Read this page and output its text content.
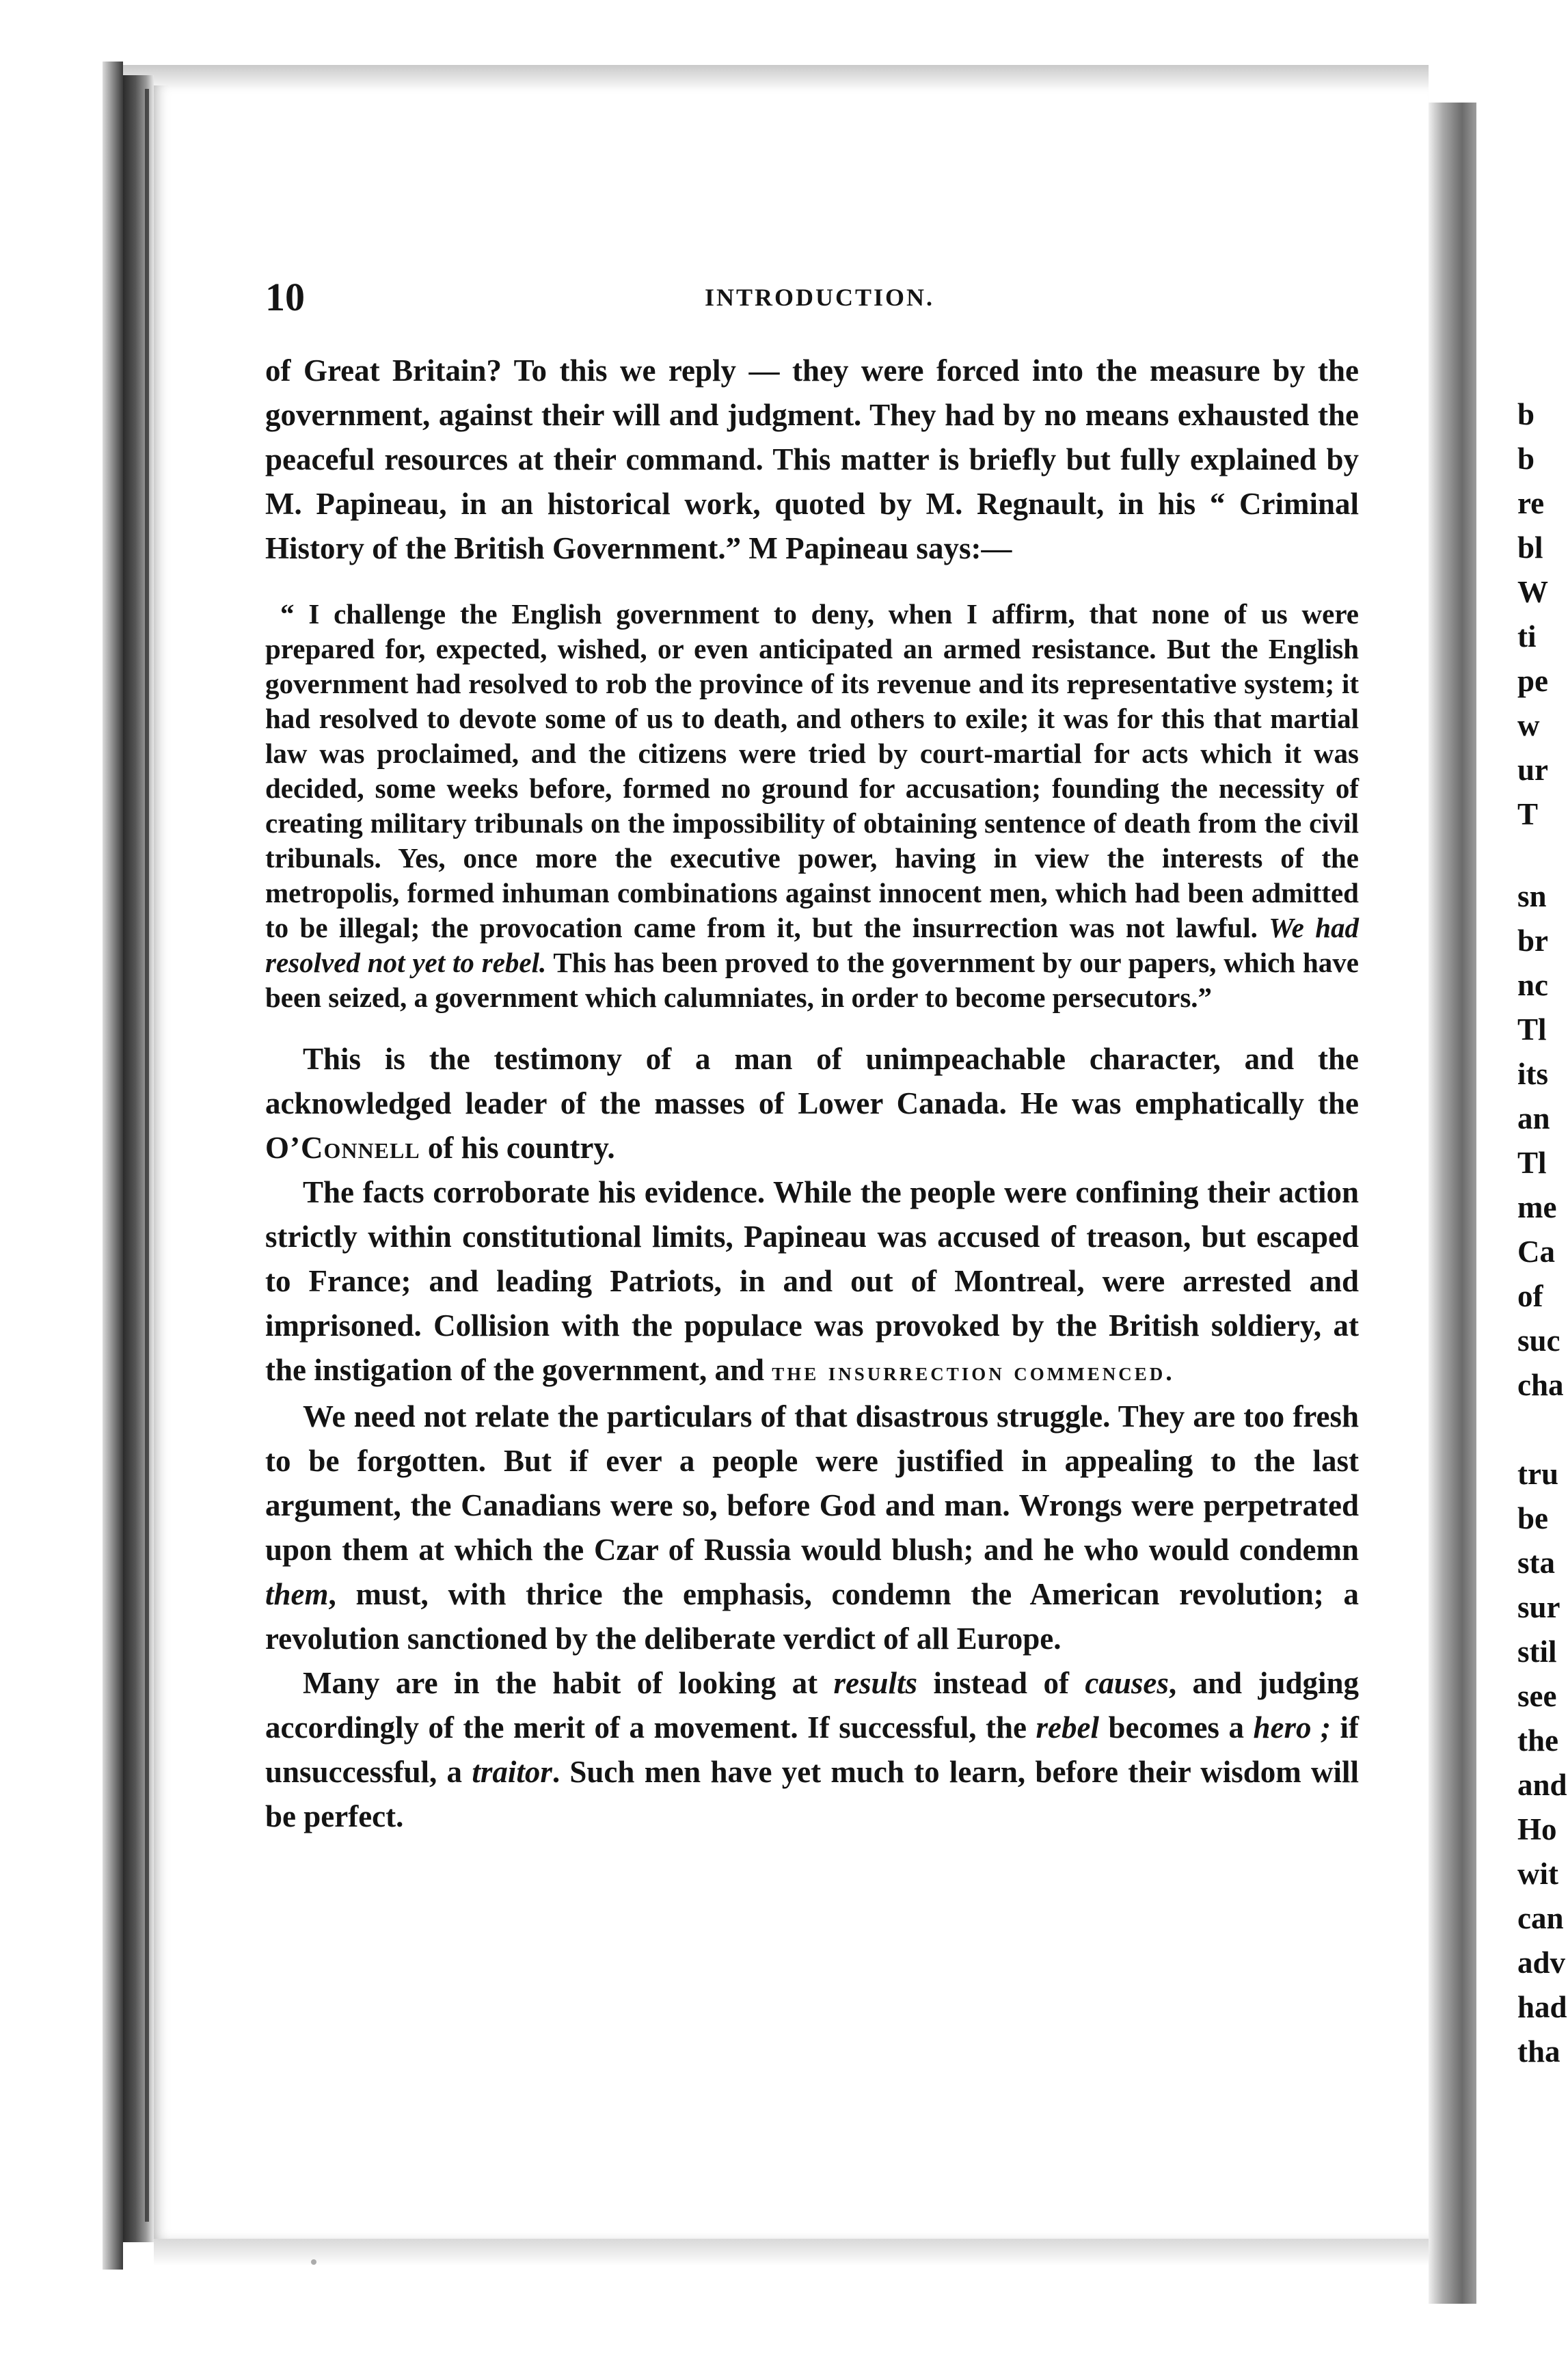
b
b
re
bl
W
ti
pe
w
ur
T
sn
br
nc
Tl
its
an
Tl
me
Ca
of
suc
cha
tru
be
sta
sur
stil
see
the
and
Ho
wit
can
adv
had
tha
10	INTRODUCTION.

of Great Britain? To this we reply — they were forced into the measure by the government, against their will and judgment. They had by no means exhausted the peaceful resources at their command. This matter is briefly but fully explained by M. Papineau, in an historical work, quoted by M. Regnault, in his “ Criminal History of the British Government.” M Papineau says:—

“ I challenge the English government to deny, when I affirm, that none of us were prepared for, expected, wished, or even anticipated an armed resistance. But the English government had resolved to rob the province of its revenue and its representative system; it had resolved to devote some of us to death, and others to exile; it was for this that martial law was proclaimed, and the citizens were tried by court-martial for acts which it was decided, some weeks before, formed no ground for accusation; founding the necessity of creating military tribunals on the impossibility of obtaining sentence of death from the civil tribunals. Yes, once more the executive power, having in view the interests of the metropolis, formed inhuman combinations against innocent men, which had been admitted to be illegal; the provocation came from it, but the insurrection was not lawful. We had resolved not yet to rebel. This has been proved to the government by our papers, which have been seized, a government which calumniates, in order to become persecutors.”

This is the testimony of a man of unimpeachable character, and the acknowledged leader of the masses of Lower Canada. He was emphatically the O’Connell of his country.

The facts corroborate his evidence. While the people were confining their action strictly within constitutional limits, Papineau was accused of treason, but escaped to France; and leading Patriots, in and out of Montreal, were arrested and imprisoned. Collision with the populace was provoked by the British soldiery, at the instigation of the government, and the insurrection commenced.

We need not relate the particulars of that disastrous struggle. They are too fresh to be forgotten. But if ever a people were justified in appealing to the last argument, the Canadians were so, before God and man. Wrongs were perpetrated upon them at which the Czar of Russia would blush; and he who would condemn them, must, with thrice the emphasis, condemn the American revolution; a revolution sanctioned by the deliberate verdict of all Europe.

Many are in the habit of looking at results instead of causes, and judging accordingly of the merit of a movement. If successful, the rebel becomes a hero ; if unsuccessful, a traitor. Such men have yet much to learn, before their wisdom will be perfect.
